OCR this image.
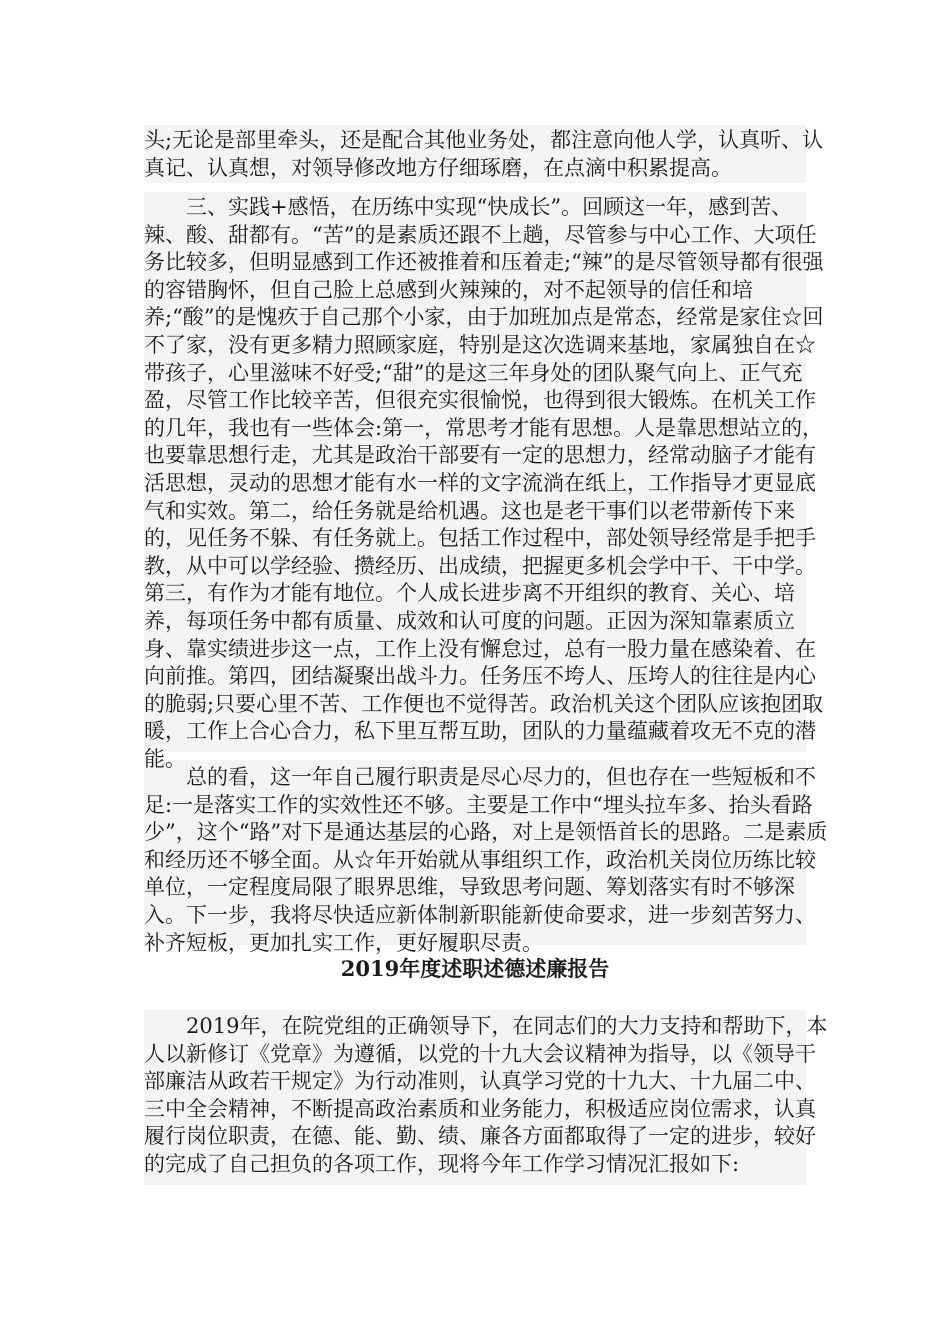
头;无论是部里牵头，还是配合其他业务处，都注意向他人学，认真听、认真记、认真想，对领导修改地方仔细琢磨，在点滴中积累提高。

　　三、实践+感悟，在历练中实现“快成长”。回顾这一年，感到苦、辣、酸、甜都有。“苦”的是素质还跟不上趟，尽管参与中心工作、大项任务比较多，但明显感到工作还被推着和压着走;“辣”的是尽管领导都有很强的容错胸怀，但自己脸上总感到火辣辣的，对不起领导的信任和培养;“酸”的是愧疚于自己那个小家，由于加班加点是常态，经常是家住☆回不了家，没有更多精力照顾家庭，特别是这次选调来基地，家属独自在☆带孩子，心里滋味不好受;“甜”的是这三年身处的团队聚气向上、正气充盈，尽管工作比较辛苦，但很充实很愉悦，也得到很大锻炼。在机关工作的几年，我也有一些体会:第一，常思考才能有思想。人是靠思想站立的，也要靠思想行走，尤其是政治干部要有一定的思想力，经常动脑子才能有活思想，灵动的思想才能有水一样的文字流淌在纸上，工作指导才更显底气和实效。第二，给任务就是给机遇。这也是老干事们以老带新传下来的，见任务不躲、有任务就上。包括工作过程中，部处领导经常是手把手教，从中可以学经验、攒经历、出成绩，把握更多机会学中干、干中学。第三，有作为才能有地位。个人成长进步离不开组织的教育、关心、培养，每项任务中都有质量、成效和认可度的问题。正因为深知靠素质立身、靠实绩进步这一点，工作上没有懈怠过，总有一股力量在感染着、在向前推。第四，团结凝聚出战斗力。任务压不垮人、压垮人的往往是内心的脆弱;只要心里不苦、工作便也不觉得苦。政治机关这个团队应该抱团取暖，工作上合心合力，私下里互帮互助，团队的力量蕴藏着攻无不克的潜能。

　　总的看，这一年自己履行职责是尽心尽力的，但也存在一些短板和不足:一是落实工作的实效性还不够。主要是工作中“埋头拉车多、抬头看路少”，这个“路”对下是通达基层的心路，对上是领悟首长的思路。二是素质和经历还不够全面。从☆年开始就从事组织工作，政治机关岗位历练比较单位，一定程度局限了眼界思维，导致思考问题、筹划落实有时不够深入。下一步，我将尽快适应新体制新职能新使命要求，进一步刻苦努力、补齐短板，更加扎实工作，更好履职尽责。

2019年度述职述德述廉报告

　　2019年，在院党组的正确领导下，在同志们的大力支持和帮助下，本人以新修订《党章》为遵循，以党的十九大会议精神为指导，以《领导干部廉洁从政若干规定》为行动准则，认真学习党的十九大、十九届二中、三中全会精神，不断提高政治素质和业务能力，积极适应岗位需求，认真履行岗位职责，在德、能、勤、绩、廉各方面都取得了一定的进步，较好的完成了自己担负的各项工作，现将今年工作学习情况汇报如下:
